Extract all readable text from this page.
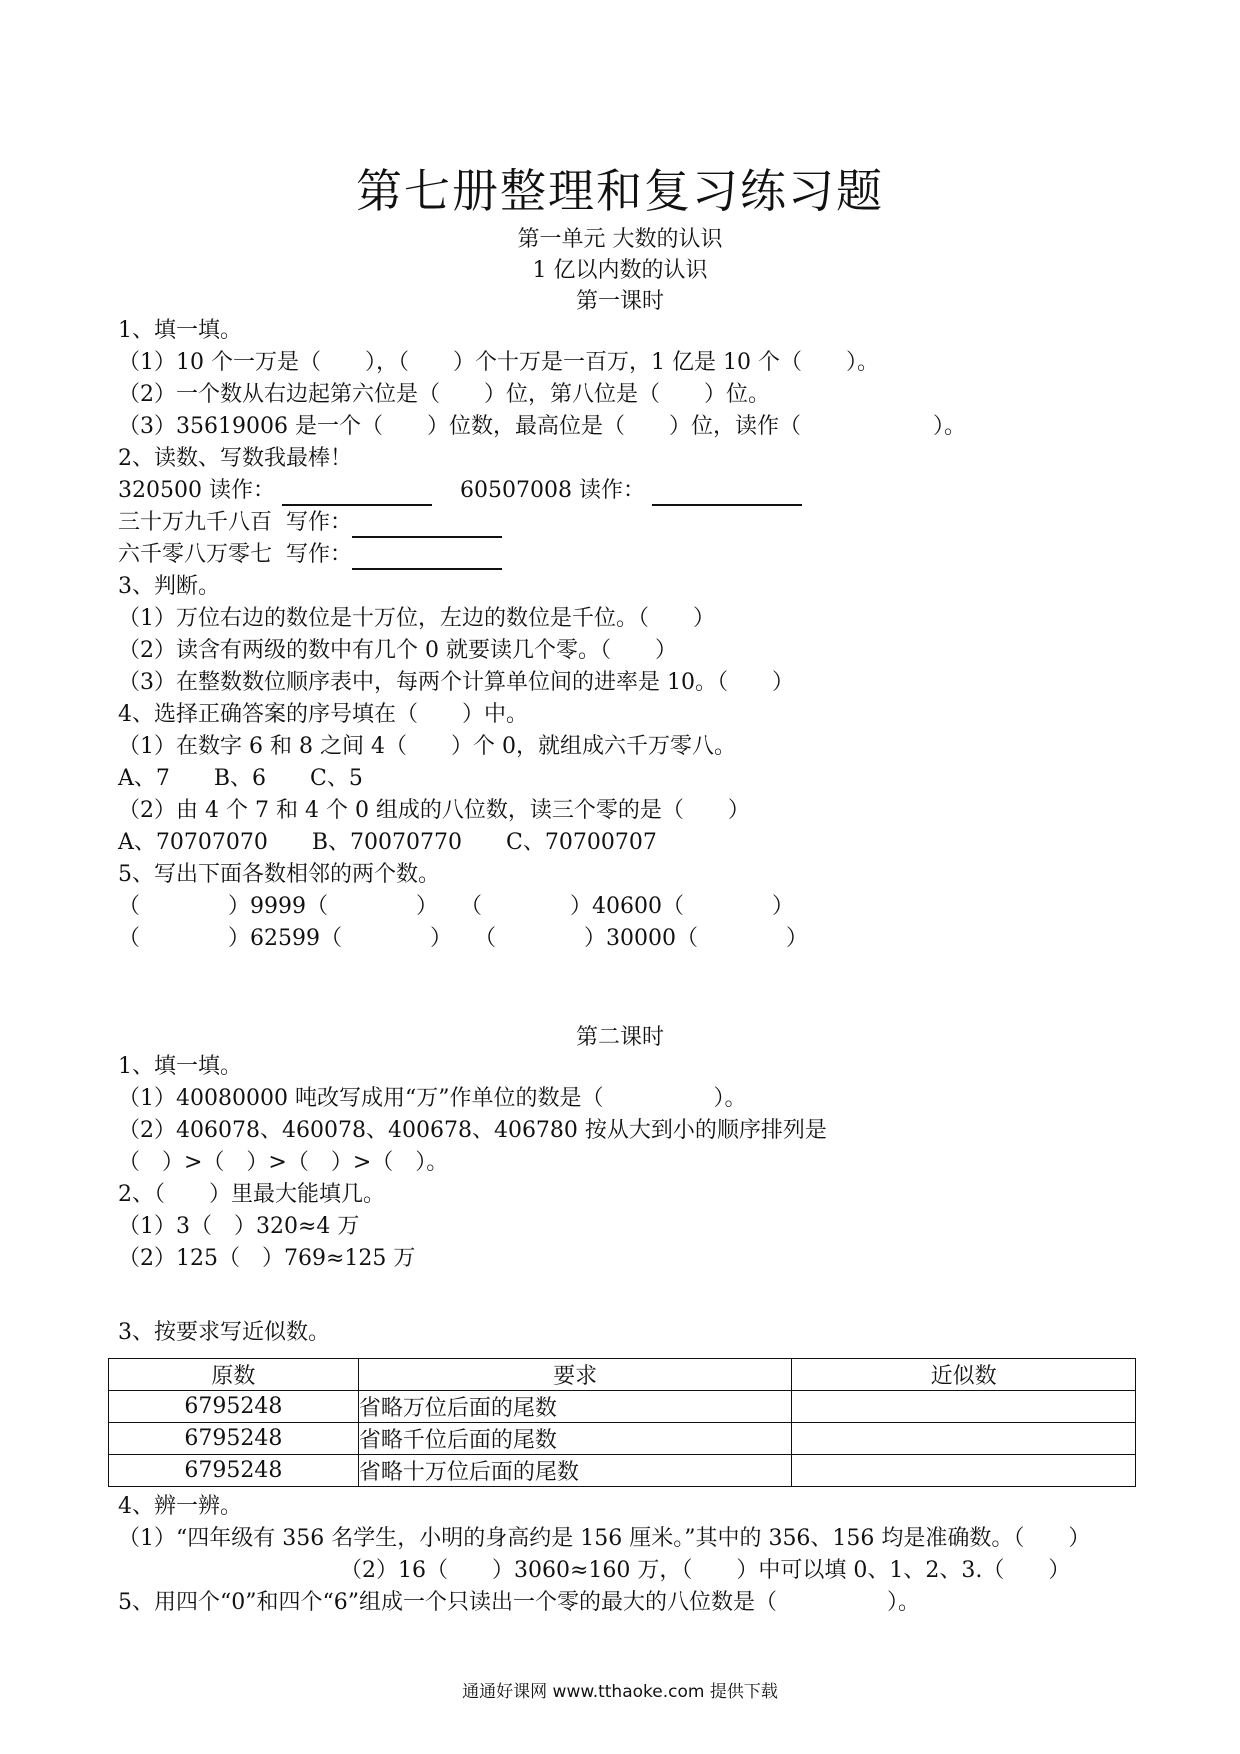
第七册整理和复习练习题
第一单元 大数的认识
1 亿以内数的认识
第一课时
1、填一填。
（1）10 个一万是（　　），（　　）个十万是一百万，1 亿是 10 个（　　）。
（2）一个数从右边起第六位是（　　）位，第八位是（　　）位。
（3）35619006 是一个（　　）位数，最高位是（　　）位，读作（　　　　　　）。
2、读数、写数我最棒！
320500 读作：	60507008 读作：
三十万九千八百  写作：
六千零八万零七  写作：
3、判断。
（1）万位右边的数位是十万位，左边的数位是千位。（　　）
（2）读含有两级的数中有几个 0 就要读几个零。（　　）
（3）在整数数位顺序表中，每两个计算单位间的进率是 10。（　　）
4、选择正确答案的序号填在（　　）中。
（1）在数字 6 和 8 之间 4（　　）个 0，就组成六千万零八。
A、7　　B、6　　C、5
（2）由 4 个 7 和 4 个 0 组成的八位数，读三个零的是（　　）
A、70707070　　B、70070770　　C、70700707
5、写出下面各数相邻的两个数。
（　　　　）9999（　　　　）　　（　　　　）40600（　　　　）
（　　　　）62599（　　　　）　　（　　　　）30000（　　　　）
第二课时
1、填一填。
（1）40080000 吨改写成用“万”作单位的数是（　　　　　）。
（2）406078、460078、400678、406780 按从大到小的顺序排列是
（　）>（　）>（　）>（　）。
2、（　　）里最大能填几。
（1）3（　）320≈4 万
（2）125（　）769≈125 万
3、按要求写近似数。
原数	要求	近似数
6795248	省略万位后面的尾数	
6795248	省略千位后面的尾数	
6795248	省略十万位后面的尾数	
4、辨一辨。
（1）“四年级有 356 名学生，小明的身高约是 156 厘米。”其中的 356、156 均是准确数。（　　）
（2）16（　　）3060≈160 万，（　　）中可以填 0、1、2、3.（　　）
5、用四个“0”和四个“6”组成一个只读出一个零的最大的八位数是（　　　　　）。
通通好课网 www.tthaoke.com 提供下载
